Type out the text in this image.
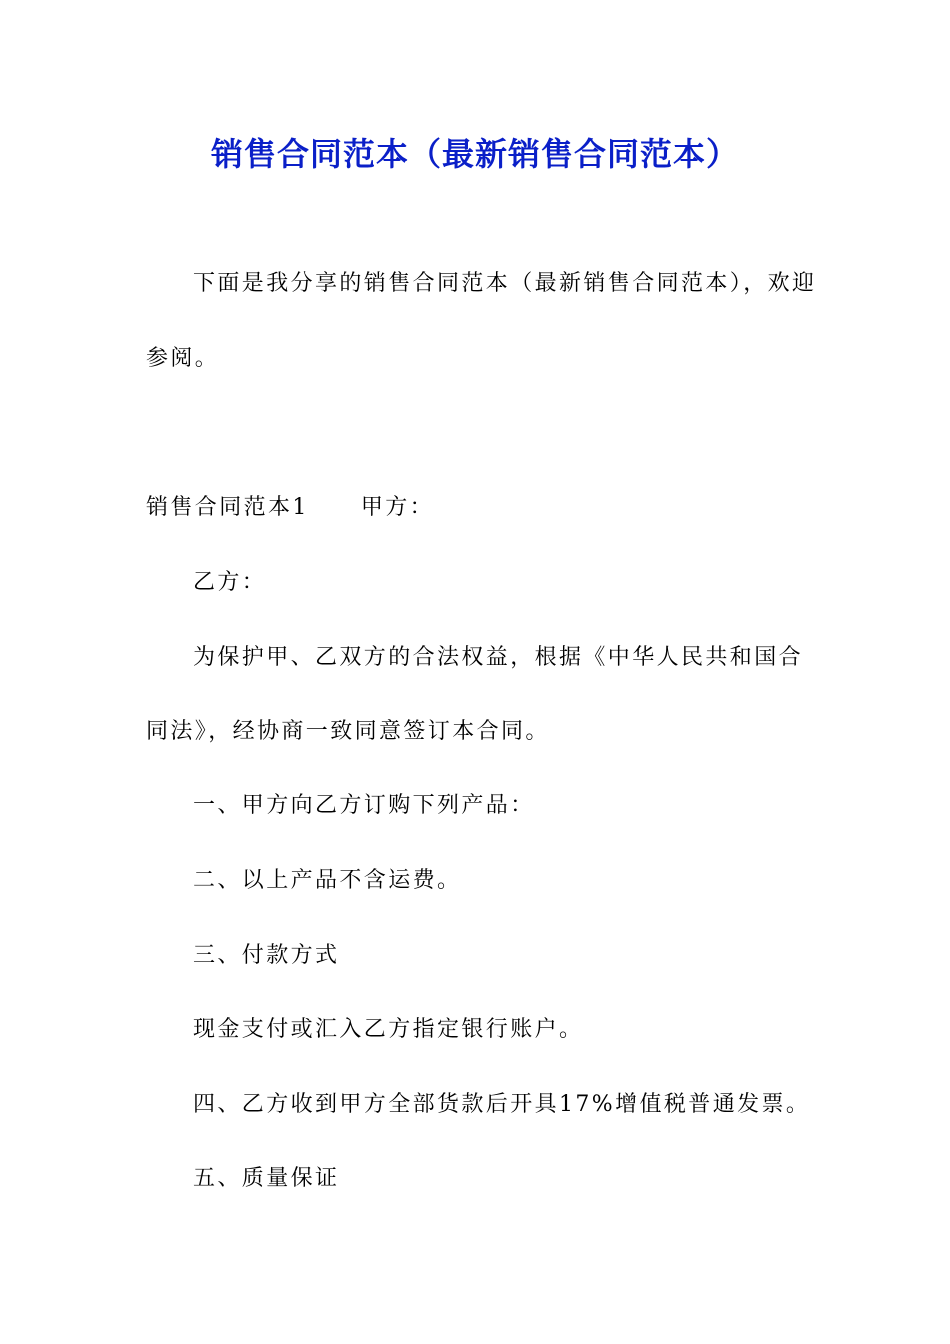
销售合同范本（最新销售合同范本）
下面是我分享的销售合同范本（最新销售合同范本），欢迎
参阅。
销售合同范本1 甲方：
乙方：
为保护甲、乙双方的合法权益，根据《中华人民共和国合
同法》，经协商一致同意签订本合同。
一、甲方向乙方订购下列产品：
二、以上产品不含运费。
三、付款方式
现金支付或汇入乙方指定银行账户。
四、乙方收到甲方全部货款后开具17%增值税普通发票。
五、质量保证
